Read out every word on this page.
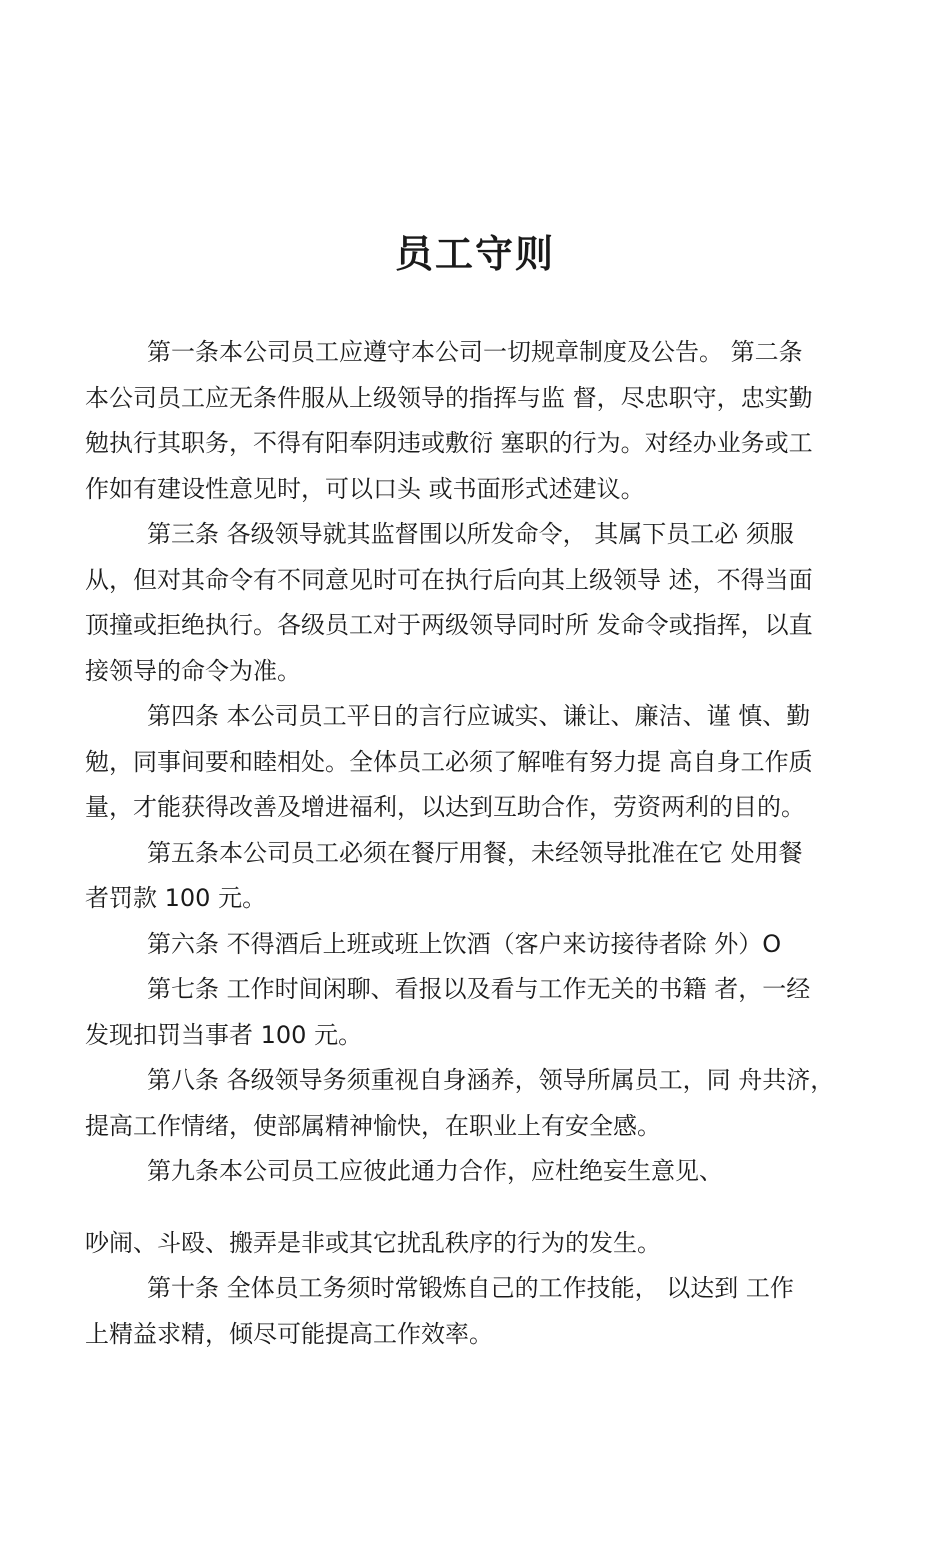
员工守则

第一条本公司员工应遵守本公司一切规章制度及公告。 第二条
本公司员工应无条件服从上级领导的指挥与监 督，尽忠职守，忠实勤
勉执行其职务，不得有阳奉阴违或敷衍 塞职的行为。对经办业务或工
作如有建设性意见时，可以口头 或书面形式述建议。

第三条 各级领导就其监督围以所发命令， 其属下员工必 须服
从，但对其命令有不同意见时可在执行后向其上级领导 述，不得当面
顶撞或拒绝执行。各级员工对于两级领导同时所 发命令或指挥，以直
接领导的命令为准。

第四条 本公司员工平日的言行应诚实、谦让、廉洁、谨 慎、勤
勉，同事间要和睦相处。全体员工必须了解唯有努力提 高自身工作质
量，才能获得改善及增进福利，以达到互助合作，劳资两利的目的。

第五条本公司员工必须在餐厅用餐，未经领导批准在它 处用餐
者罚款 100 元。

第六条 不得酒后上班或班上饮酒（客户来访接待者除 外）O

第七条 工作时间闲聊、看报以及看与工作无关的书籍 者，一经
发现扣罚当事者 100 元。

第八条 各级领导务须重视自身涵养，领导所属员工，同 舟共济，
提高工作情绪，使部属精神愉快，在职业上有安全感。

第九条本公司员工应彼此通力合作，应杜绝妄生意见、

吵闹、斗殴、搬弄是非或其它扰乱秩序的行为的发生。

第十条 全体员工务须时常锻炼自己的工作技能， 以达到 工作
上精益求精，倾尽可能提高工作效率。
